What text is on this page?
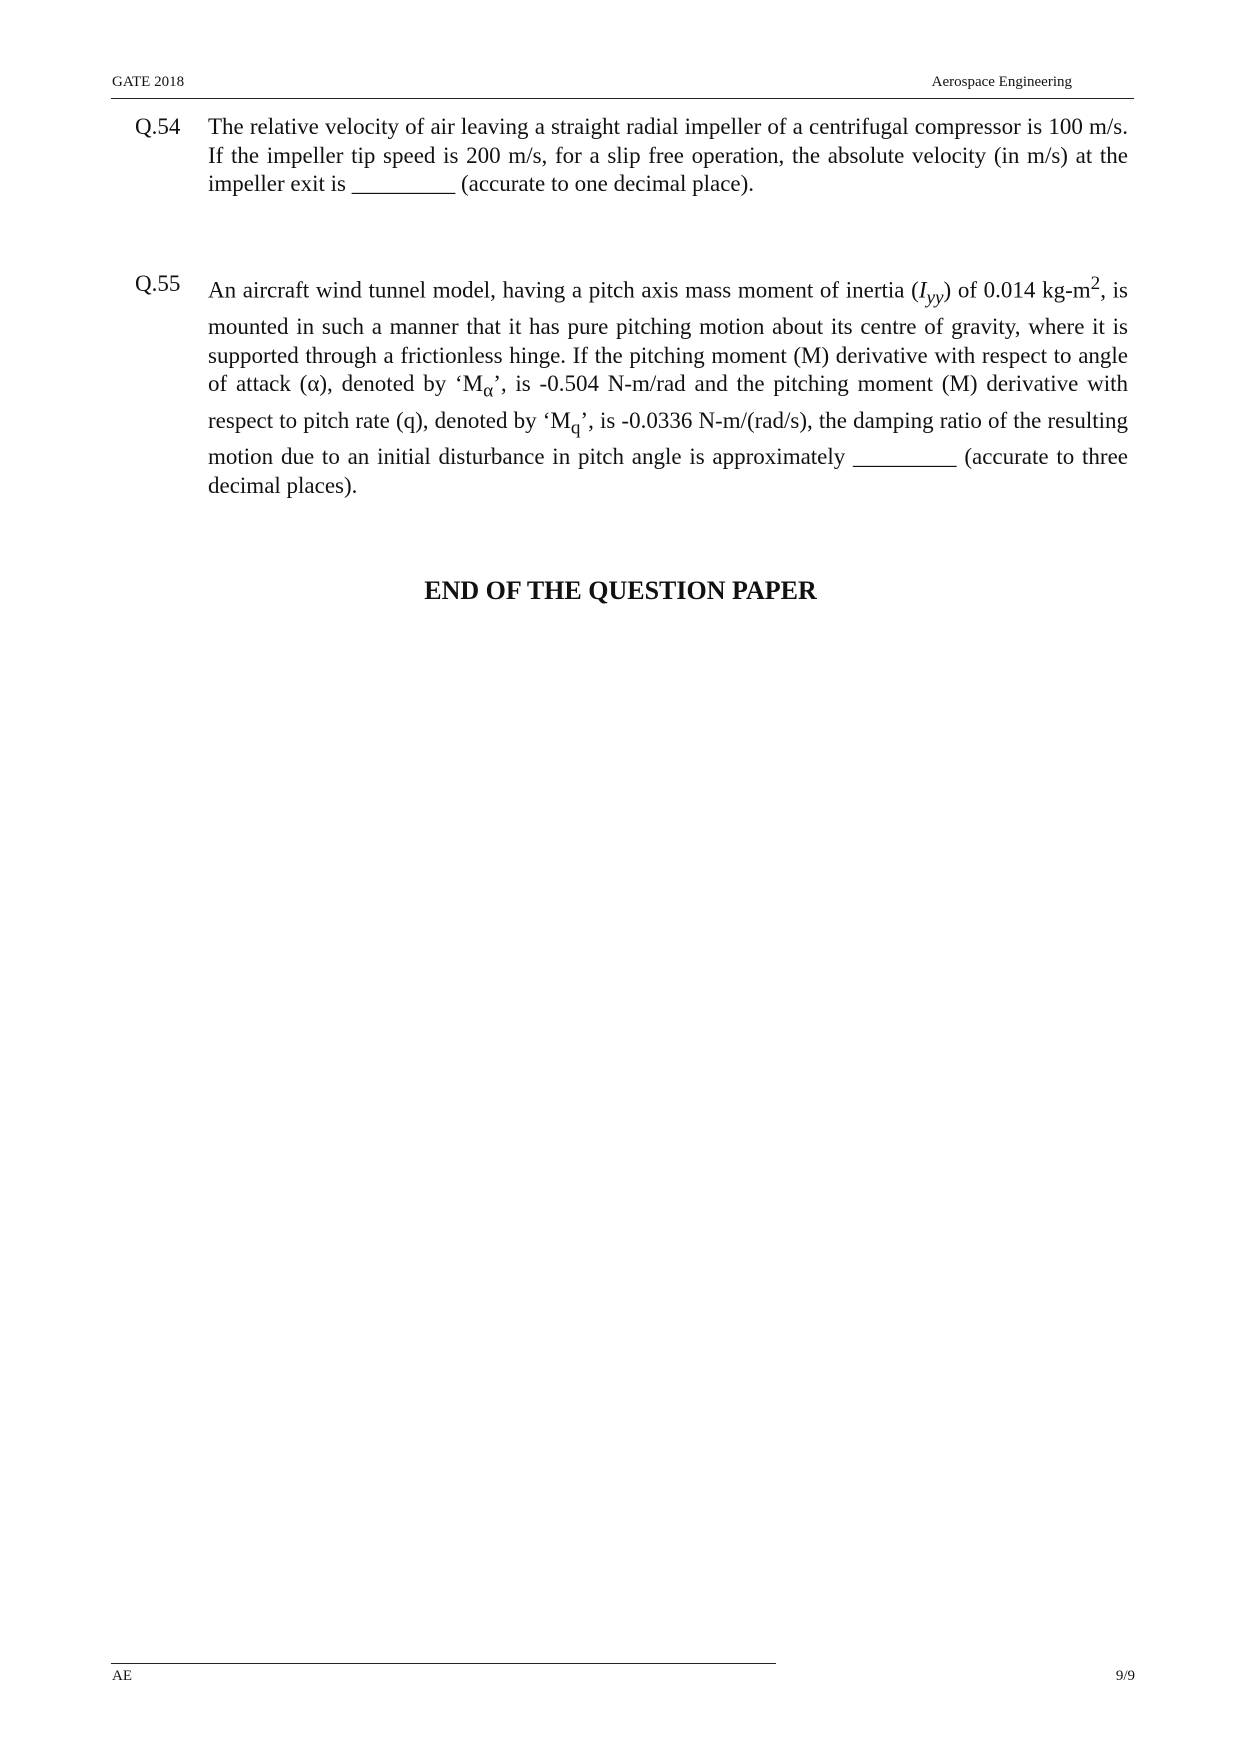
GATE 2018	Aerospace Engineering
Q.54 The relative velocity of air leaving a straight radial impeller of a centrifugal compressor is 100 m/s. If the impeller tip speed is 200 m/s, for a slip free operation, the absolute velocity (in m/s) at the impeller exit is _________ (accurate to one decimal place).
Q.55 An aircraft wind tunnel model, having a pitch axis mass moment of inertia $(I_{yy})$ of 0.014 $kg-m^2$, is mounted in such a manner that it has pure pitching motion about its centre of gravity, where it is supported through a frictionless hinge. If the pitching moment (M) derivative with respect to angle of attack (α), denoted by ‘$M_\alpha$’, is -0.504 N-m/rad and the pitching moment (M) derivative with respect to pitch rate (q), denoted by ‘$M_q$’, is -0.0336 N-m/(rad/s), the damping ratio of the resulting motion due to an initial disturbance in pitch angle is approximately _________ (accurate to three decimal places).
END OF THE QUESTION PAPER
AE	9/9
